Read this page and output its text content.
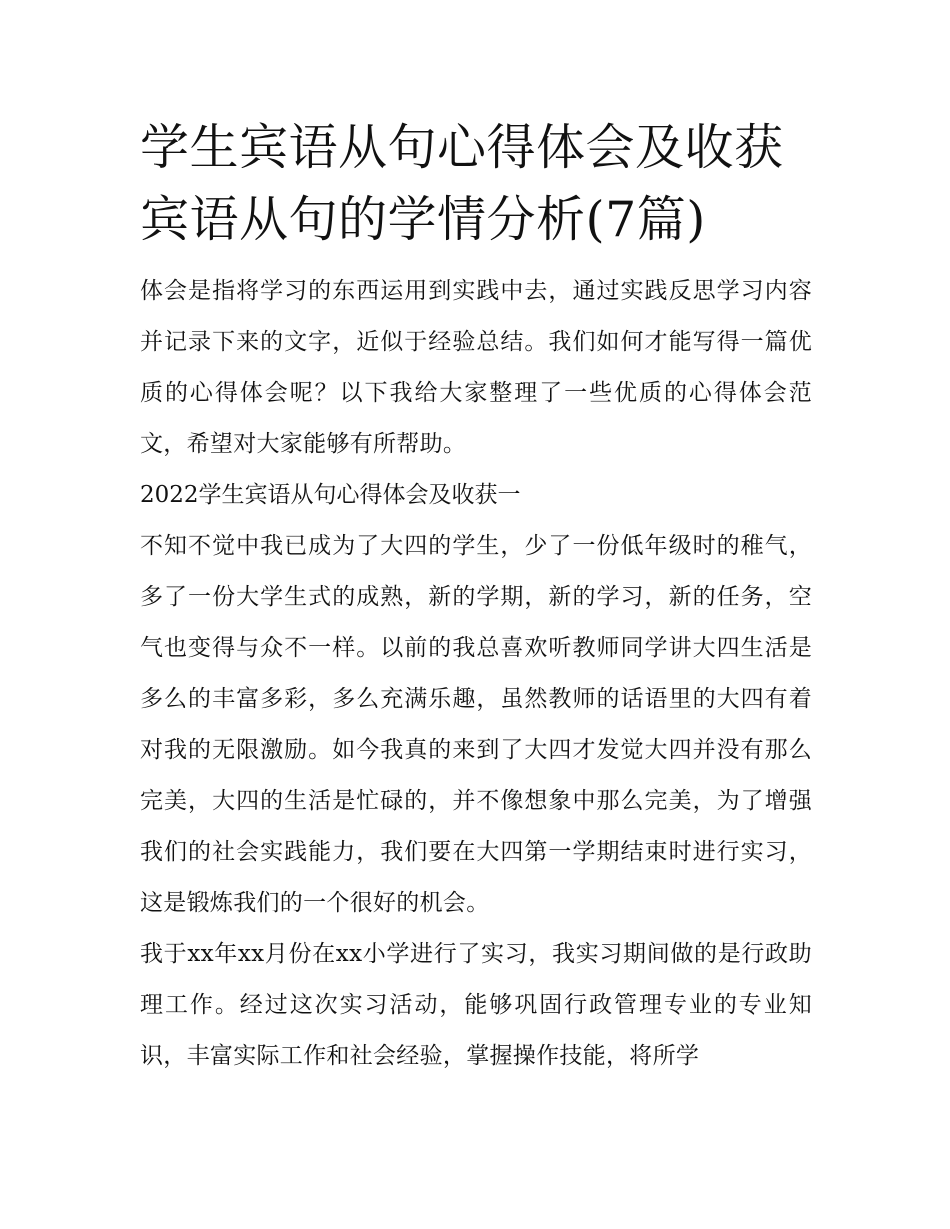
学生宾语从句心得体会及收获 宾语从句的学情分析(7篇)

体会是指将学习的东西运用到实践中去，通过实践反思学习内容并记录下来的文字，近似于经验总结。我们如何才能写得一篇优质的心得体会呢？以下我给大家整理了一些优质的心得体会范文，希望对大家能够有所帮助。

2022学生宾语从句心得体会及收获一

不知不觉中我已成为了大四的学生，少了一份低年级时的稚气，多了一份大学生式的成熟，新的学期，新的学习，新的任务，空气也变得与众不一样。以前的我总喜欢听教师同学讲大四生活是多么的丰富多彩，多么充满乐趣，虽然教师的话语里的大四有着对我的无限激励。如今我真的来到了大四才发觉大四并没有那么完美，大四的生活是忙碌的，并不像想象中那么完美，为了增强我们的社会实践能力，我们要在大四第一学期结束时进行实习，这是锻炼我们的一个很好的机会。

我于xx年xx月份在xx小学进行了实习，我实习期间做的是行政助理工作。经过这次实习活动，能够巩固行政管理专业的专业知识，丰富实际工作和社会经验，掌握操作技能，将所学
